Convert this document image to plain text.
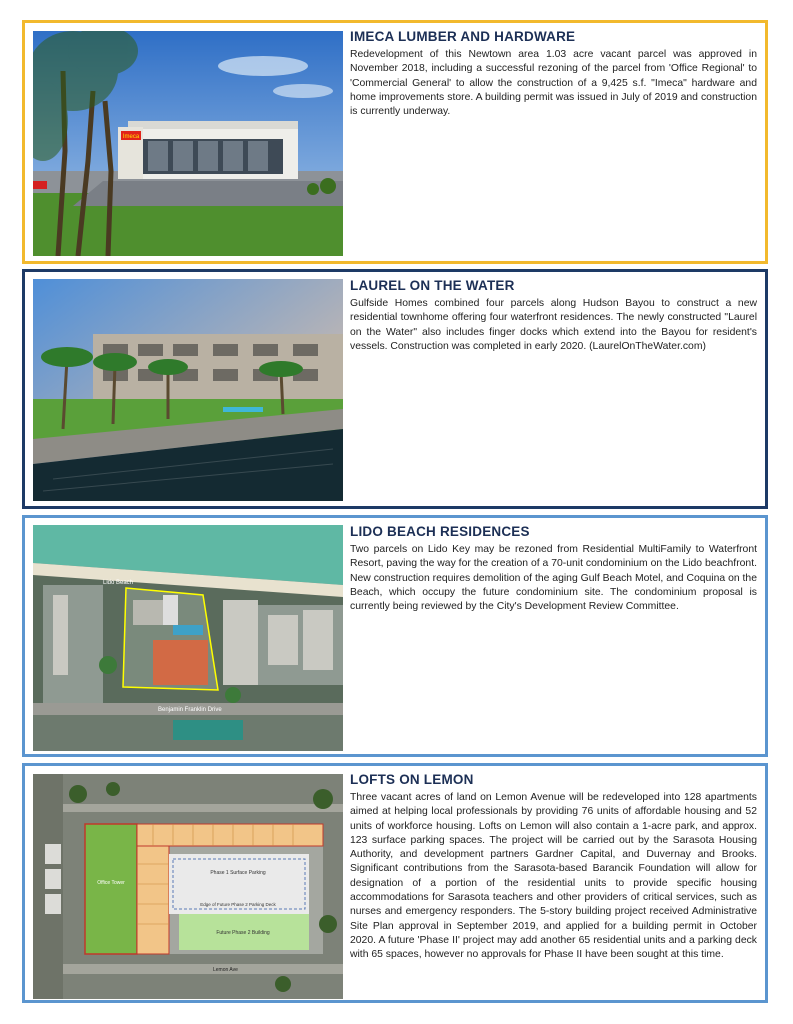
Imeca
IMECA LUMBER AND HARDWARE

Redevelopment of this Newtown area 1.03 acre vacant parcel was approved in November 2018, including a successful rezoning of the parcel from 'Office Regional' to 'Commercial General' to allow the construction of a 9,425 s.f. "Imeca" hardware and home improvements store. A building permit was issued in July of 2019 and construction is currently underway.

LAUREL ON THE WATER

Gulfside Homes combined four parcels along Hudson Bayou to construct a new residential townhome offering four waterfront residences. The newly constructed "Laurel on the Water" also includes finger docks which extend into the Bayou for resident's vessels. Construction was completed in early 2020. (LaurelOnTheWater.com)

Benjamin Franklin Drive
Lido Beach
LIDO BEACH RESIDENCES

Two parcels on Lido Key may be rezoned from Residential MultiFamily to Waterfront Resort, paving the way for the creation of a 70-unit condominium on the Lido beachfront. New construction requires demolition of the aging Gulf Beach Motel, and Coquina on the Beach, which occupy the future condominium site. The condominium proposal is currently being reviewed by the City's Development Review Committee.

Phase 1 Surface Parking
Edge of Future Phase 2 Parking Deck
Future Phase 2 Building
Office Tower
Lemon Ave
LOFTS ON LEMON

Three vacant acres of land on Lemon Avenue will be redeveloped into 128 apartments aimed at helping local professionals by providing 76 units of affordable housing and 52 units of workforce housing. Lofts on Lemon will also contain a 1-acre park, and approx. 123 surface parking spaces. The project will be carried out by the Sarasota Housing Authority, and development partners Gardner Capital, and Duvernay and Brooks. Significant contributions from the Sarasota-based Barancik Foundation will allow for designation of a portion of the residential units to provide specific housing accommodations for Sarasota teachers and other providers of critical services, such as nurses and emergency responders. The 5-story building project received Administrative Site Plan approval in September 2019, and applied for a building permit in October 2020. A future 'Phase II' project may add another 65 residential units and a parking deck with 65 spaces, however no approvals for Phase II have been sought at this time.
